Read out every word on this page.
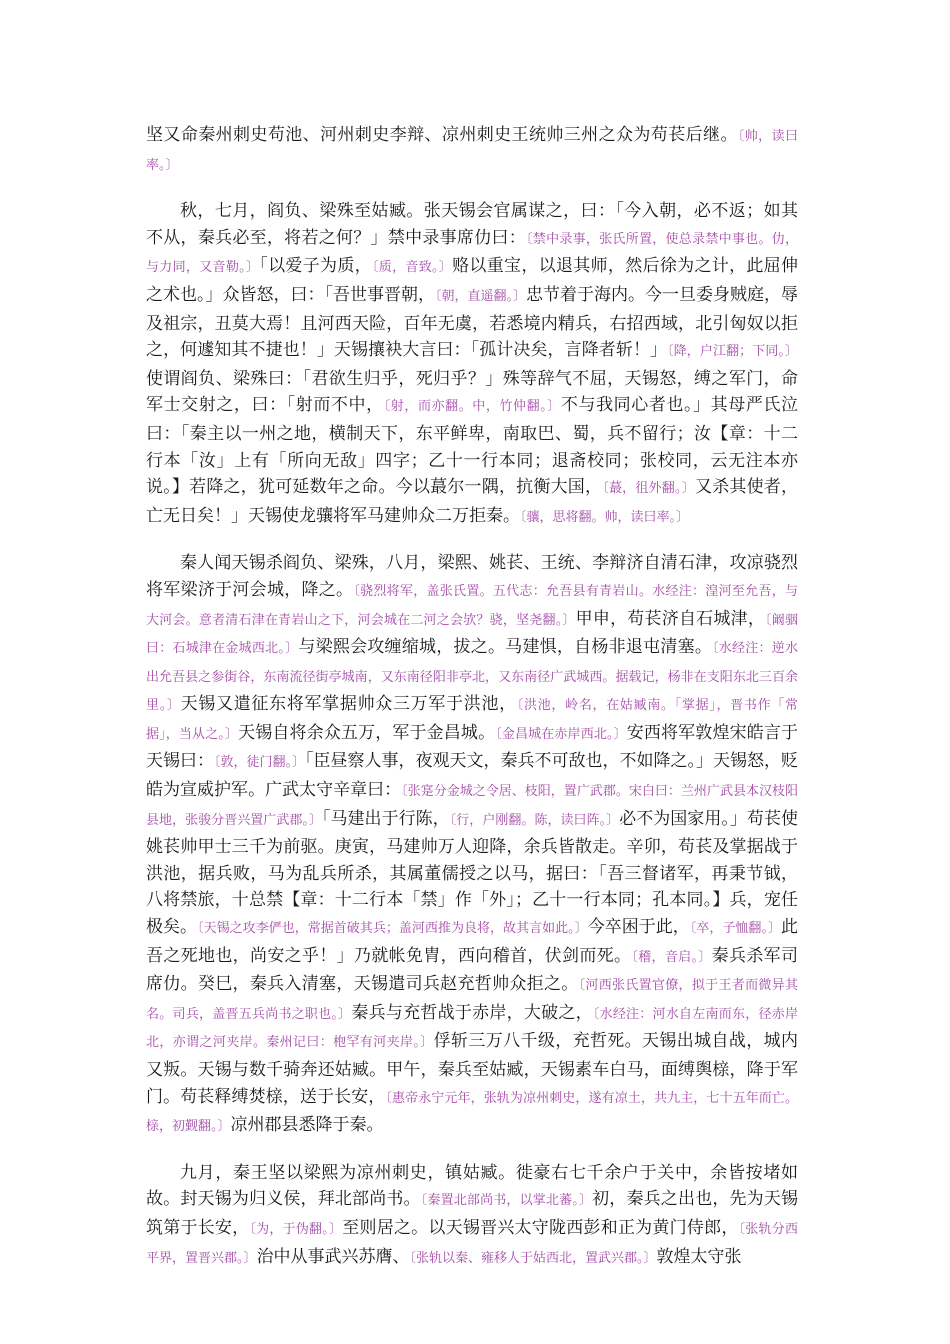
坚又命秦州刺史苟池、河州刺史李辩、凉州刺史王统帅三州之众为苟苌后继。〔帅，读曰率。〕

秋，七月，阎负、梁殊至姑臧。张天锡会官属谋之，曰：「今入朝，必不返；如其不从，秦兵必至，将若之何？」禁中录事席仂曰：〔禁中录事，张氏所置，使总录禁中事也。仂，与力同，又音勒。〕「以爱子为质，〔质，音致。〕赂以重宝，以退其师，然后徐为之计，此屈伸之术也。」众皆怒，曰：「吾世事晋朝，〔朝，直遥翻。〕忠节着于海内。今一旦委身贼庭，辱及祖宗，丑莫大焉！且河西天险，百年无虞，若悉境内精兵，右招西域，北引匈奴以拒之，何遽知其不捷也！」天锡攘袂大言曰：「孤计决矣，言降者斩！」〔降，户江翻；下同。〕使谓阎负、梁殊曰：「君欲生归乎，死归乎？」殊等辞气不屈，天锡怒，缚之军门，命军士交射之，曰：「射而不中，〔射，而亦翻。中，竹仲翻。〕不与我同心者也。」其母严氏泣曰：「秦主以一州之地，横制天下，东平鲜卑，南取巴、蜀，兵不留行；汝【章：十二行本「汝」上有「所向无敌」四字；乙十一行本同；退斋校同；张校同，云无注本亦说。】若降之，犹可延数年之命。今以蕞尔一隅，抗衡大国，〔蕞，徂外翻。〕又杀其使者，亡无日矣！」天锡使龙骧将军马建帅众二万拒秦。〔骧，思将翻。帅，读曰率。〕

秦人闻天锡杀阎负、梁殊，八月，梁熙、姚苌、王统、李辩济自清石津，攻凉骁烈将军梁济于河会城，降之。〔骁烈将军，盖张氏置。五代志：允吾县有青岩山。水经注：湟河至允吾，与大河会。意者清石津在青岩山之下，河会城在二河之会欤？骁，坚尧翻。〕甲申，苟苌济自石城津，〔阚骃曰：石城津在金城西北。〕与梁熙会攻缠缩城，拔之。马建惧，自杨非退屯清塞。〔水经注：逆水出允吾县之参街谷，东南流径街亭城南，又东南径阳非亭北，又东南径广武城西。据载记，杨非在支阳东北三百余里。〕天锡又遣征东将军掌据帅众三万军于洪池，〔洪池，岭名，在姑臧南。「掌据」，晋书作「常据」，当从之。〕天锡自将余众五万，军于金昌城。〔金昌城在赤岸西北。〕安西将军敦煌宋皓言于天锡曰：〔敦，徒门翻。〕「臣昼察人事，夜观天文，秦兵不可敌也，不如降之。」天锡怒，贬皓为宣威护军。广武太守辛章曰：〔张寔分金城之令居、枝阳，置广武郡。宋白曰：兰州广武县本汉枝阳县地，张骏分晋兴置广武郡。〕「马建出于行陈，〔行，户刚翻。陈，读曰阵。〕必不为国家用。」苟苌使姚苌帅甲士三千为前驱。庚寅，马建帅万人迎降，余兵皆散走。辛卯，苟苌及掌据战于洪池，据兵败，马为乱兵所杀，其属董儒授之以马，据曰：「吾三督诸军，再秉节钺，八将禁旅，十总禁【章：十二行本「禁」作「外」；乙十一行本同；孔本同。】兵，宠任极矣。〔天锡之攻李俨也，常据首破其兵；盖河西推为良将，故其言如此。〕今卒困于此，〔卒，子恤翻。〕此吾之死地也，尚安之乎！」乃就帐免胄，西向稽首，伏剑而死。〔稽，音启。〕秦兵杀军司席仂。癸巳，秦兵入清塞，天锡遣司兵赵充哲帅众拒之。〔河西张氏置官僚，拟于王者而微异其名。司兵，盖晋五兵尚书之职也。〕秦兵与充哲战于赤岸，大破之，〔水经注：河水自左南而东，径赤岸北，亦谓之河夹岸。秦州记曰：枹罕有河夹岸。〕俘斩三万八千级，充哲死。天锡出城自战，城内又叛。天锡与数千骑奔还姑臧。甲午，秦兵至姑臧，天锡素车白马，面缚舆榇，降于军门。苟苌释缚焚榇，送于长安，〔惠帝永宁元年，张轨为凉州刺史，遂有凉土，共九主，七十五年而亡。榇，初觐翻。〕凉州郡县悉降于秦。

九月，秦王坚以梁熙为凉州刺史，镇姑臧。徙豪右七千余户于关中，余皆按堵如故。封天锡为归义侯，拜北部尚书。〔秦置北部尚书，以掌北蕃。〕初，秦兵之出也，先为天锡筑第于长安，〔为，于伪翻。〕至则居之。以天锡晋兴太守陇西彭和正为黄门侍郎，〔张轨分西平界，置晋兴郡。〕治中从事武兴苏膺、〔张轨以秦、雍移人于姑西北，置武兴郡。〕敦煌太守张
